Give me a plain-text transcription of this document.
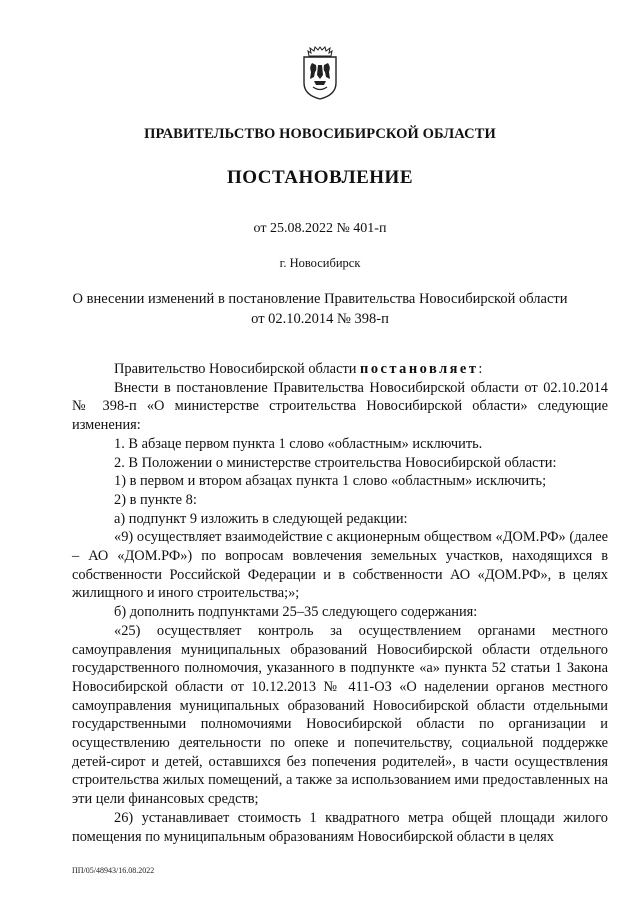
ПРАВИТЕЛЬСТВО НОВОСИБИРСКОЙ ОБЛАСТИ
ПОСТАНОВЛЕНИЕ
от 25.08.2022 № 401-п
г. Новосибирск
О внесении изменений в постановление Правительства Новосибирской области
от 02.10.2014 № 398-п

Правительство Новосибирской области постановляет:

Внести в постановление Правительства Новосибирской области от 02.10.2014 № 398-п «О министерстве строительства Новосибирской области» следующие изменения:

1. В абзаце первом пункта 1 слово «областным» исключить.

2. В Положении о министерстве строительства Новосибирской области:

1) в первом и втором абзацах пункта 1 слово «областным» исключить;

2) в пункте 8:

а) подпункт 9 изложить в следующей редакции:

«9) осуществляет взаимодействие с акционерным обществом «ДОМ.РФ» (далее – АО «ДОМ.РФ») по вопросам вовлечения земельных участков, находящихся в собственности Российской Федерации и в собственности АО «ДОМ.РФ», в целях жилищного и иного строительства;»;

б) дополнить подпунктами 25–35 следующего содержания:

«25) осуществляет контроль за осуществлением органами местного самоуправления муниципальных образований Новосибирской области отдельного государственного полномочия, указанного в подпункте «а» пункта 52 статьи 1 Закона Новосибирской области от 10.12.2013 № 411-ОЗ «О наделении органов местного самоуправления муниципальных образований Новосибирской области отдельными государственными полномочиями Новосибирской области по организации и осуществлению деятельности по опеке и попечительству, социальной поддержке детей-сирот и детей, оставшихся без попечения родителей», в части осуществления строительства жилых помещений, а также за использованием ими предоставленных на эти цели финансовых средств;

26) устанавливает стоимость 1 квадратного метра общей площади жилого помещения по муниципальным образованиям Новосибирской области в целях

ПП/05/48943/16.08.2022
